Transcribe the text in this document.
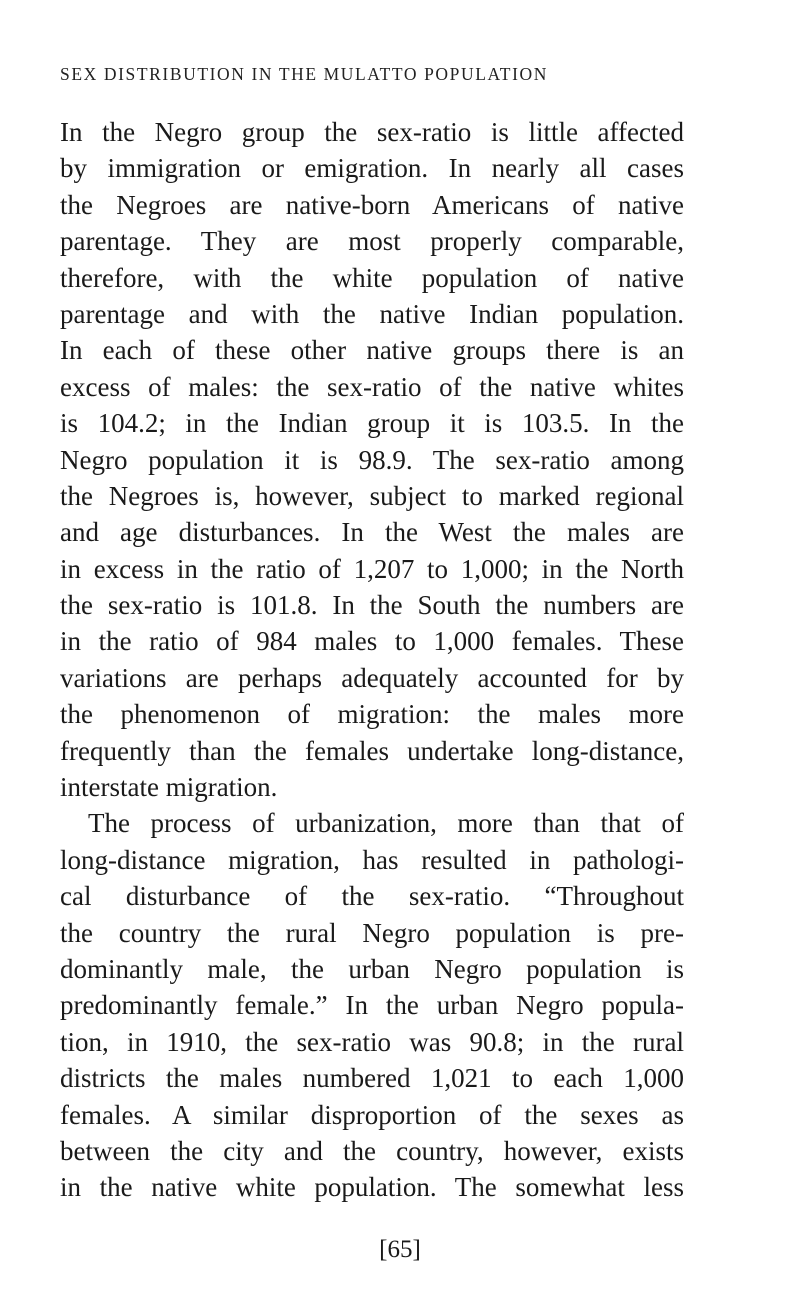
SEX DISTRIBUTION IN THE MULATTO POPULATION
In the Negro group the sex-ratio is little affected
by immigration or emigration. In nearly all cases
the Negroes are native-born Americans of native
parentage. They are most properly comparable,
therefore, with the white population of native
parentage and with the native Indian population.
In each of these other native groups there is an
excess of males: the sex-ratio of the native whites
is 104.2; in the Indian group it is 103.5. In the
Negro population it is 98.9. The sex-ratio among
the Negroes is, however, subject to marked regional
and age disturbances. In the West the males are
in excess in the ratio of 1,207 to 1,000; in the North
the sex-ratio is 101.8. In the South the numbers are
in the ratio of 984 males to 1,000 females. These
variations are perhaps adequately accounted for by
the phenomenon of migration: the males more
frequently than the females undertake long-distance,
interstate migration.
The process of urbanization, more than that of
long-distance migration, has resulted in pathologi-
cal disturbance of the sex-ratio. “Throughout
the country the rural Negro population is pre-
dominantly male, the urban Negro population is
predominantly female.” In the urban Negro popula-
tion, in 1910, the sex-ratio was 90.8; in the rural
districts the males numbered 1,021 to each 1,000
females. A similar disproportion of the sexes as
between the city and the country, however, exists
in the native white population. The somewhat less
[65]
